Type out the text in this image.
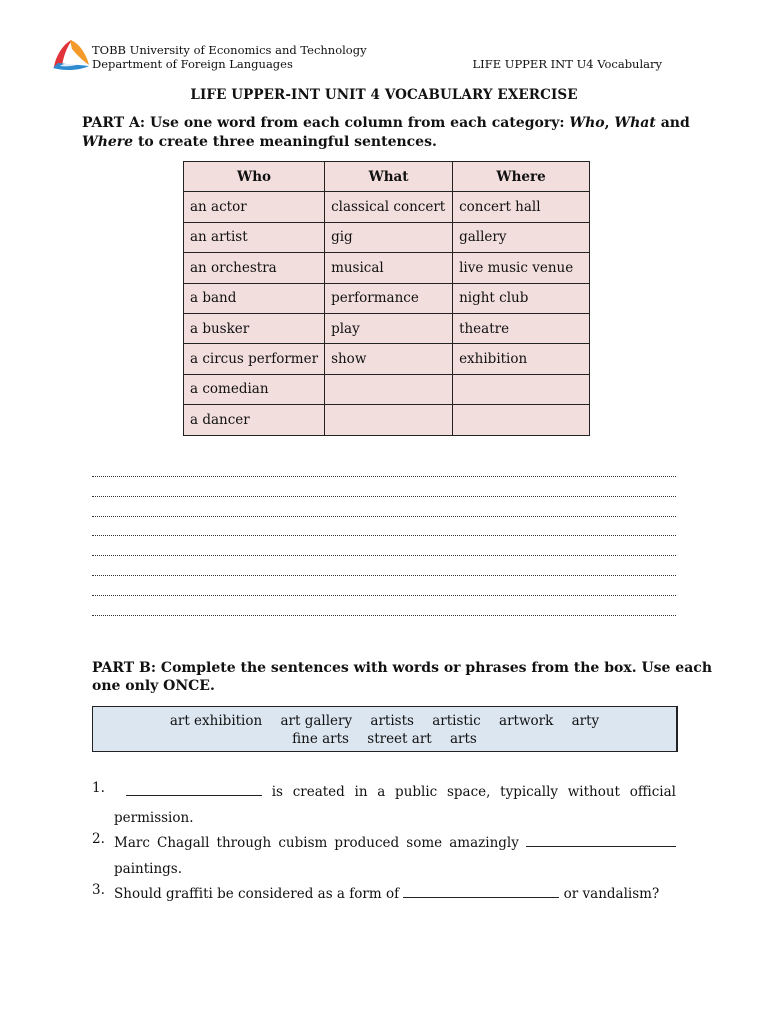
TOBB University of Economics and Technology
Department of Foreign Languages	LIFE UPPER INT U4 Vocabulary
LIFE UPPER-INT UNIT 4 VOCABULARY EXERCISE
PART A: Use one word from each column from each category: Who, What and Where to create three meaningful sentences.
Who	What	Where
an actor	classical concert	concert hall
an artist	gig	gallery
an orchestra	musical	live music venue
a band	performance	night club
a busker	play	theatre
a circus performer	show	exhibition
a comedian		
a dancer		
PART B: Complete the sentences with words or phrases from the box. Use each one only ONCE.
art exhibition art gallery artists artistic artwork arty
fine arts street art arts
1.	is created in a public space, typically without official
permission.
2. Marc Chagall through cubism produced some amazingly
paintings.
3. Should graffiti be considered as a form of	or vandalism?
